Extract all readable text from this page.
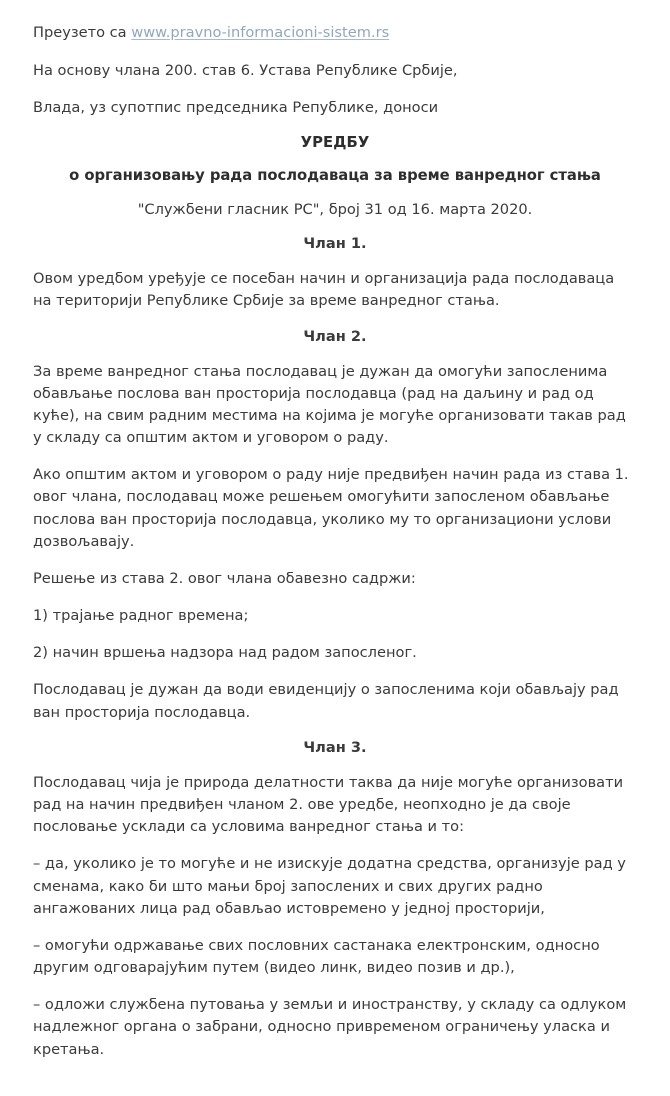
Преузето са www.pravno-informacioni-sistem.rs

На основу члана 200. став 6. Устава Републике Србије,

Влада, уз супотпис председника Републике, доноси

УРЕДБУ
о организовању рада послодаваца за време ванредног стања

"Службени гласник РС", број 31 од 16. марта 2020.

Члан 1.

Овом уредбом уређује се посебан начин и организација рада послодаваца на територији Републике Србије за време ванредног стања.

Члан 2.

За време ванредног стања послодавац је дужан да омогући запосленима обављање послова ван просторија послодавца (рад на даљину и рад од куће), на свим радним местима на којима је могуће организовати такав рад у складу са општим актом и уговором о раду.

Ако општим актом и уговором о раду није предвиђен начин рада из става 1. овог члана, послодавац може решењем омогућити запосленом обављање послова ван просторија послодавца, уколико му то организациони услови дозвољавају.

Решење из става 2. овог члана обавезно садржи:

1) трајање радног времена;

2) начин вршења надзора над радом запосленог.

Послодавац је дужан да води евиденцију о запосленима који обављају рад ван просторија послодавца.

Члан 3.

Послодавац чија је природа делатности таква да није могуће организовати рад на начин предвиђен чланом 2. ове уредбе, неопходно је да своје пословање усклади са условима ванредног стања и то:

– да, уколико је то могуће и не изискује додатна средства, организује рад у сменама, како би што мањи број запослених и свих других радно ангажованих лица рад обављао истовремено у једној просторији,

– омогући одржавање свих пословних састанака електронским, односно другим одговарајућим путем (видео линк, видео позив и др.),

– одложи службена путовања у земљи и иностранству, у складу са одлуком надлежног органа о забрани, односно привременом ограничењу уласка и кретања.
